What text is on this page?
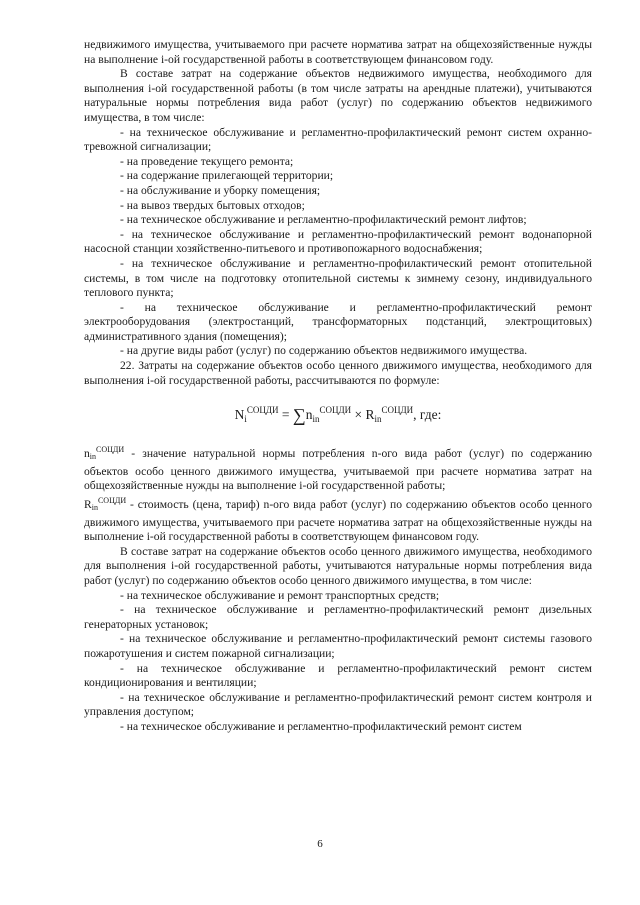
недвижимого имущества, учитываемого при расчете норматива затрат на общехозяйственные нужды на выполнение i-ой государственной работы в соответствующем финансовом году.

В составе затрат на содержание объектов недвижимого имущества, необходимого для выполнения i-ой государственной работы (в том числе затраты на арендные платежи), учитываются натуральные нормы потребления вида работ (услуг) по содержанию объектов недвижимого имущества, в том числе:

- на техническое обслуживание и регламентно-профилактический ремонт систем охранно-тревожной сигнализации;

- на проведение текущего ремонта;

- на содержание прилегающей территории;

- на обслуживание и уборку помещения;

- на вывоз твердых бытовых отходов;

- на техническое обслуживание и регламентно-профилактический ремонт лифтов;

- на техническое обслуживание и регламентно-профилактический ремонт водонапорной насосной станции хозяйственно-питьевого и противопожарного водоснабжения;

- на техническое обслуживание и регламентно-профилактический ремонт отопительной системы, в том числе на подготовку отопительной системы к зимнему сезону, индивидуального теплового пункта;

- на техническое обслуживание и регламентно-профилактический ремонт электрооборудования (электростанций, трансформаторных подстанций, электрощитовых) административного здания (помещения);

- на другие виды работ (услуг) по содержанию объектов недвижимого имущества.

22. Затраты на содержание объектов особо ценного движимого имущества, необходимого для выполнения i-ой государственной работы, рассчитываются по формуле:

$N_i^{СОЦДИ} = \sum n_{in}^{СОЦДИ} \times R_{in}^{СОЦДИ}$, где:

$n_{in}^{СОЦДИ}$ - значение натуральной нормы потребления n-ого вида работ (услуг) по содержанию объектов особо ценного движимого имущества, учитываемой при расчете норматива затрат на общехозяйственные нужды на выполнение i-ой государственной работы;

$R_{in}^{СОЦДИ}$ - стоимость (цена, тариф) n-ого вида работ (услуг) по содержанию объектов особо ценного движимого имущества, учитываемого при расчете норматива затрат на общехозяйственные нужды на выполнение i-ой государственной работы в соответствующем финансовом году.

В составе затрат на содержание объектов особо ценного движимого имущества, необходимого для выполнения i-ой государственной работы, учитываются натуральные нормы потребления вида работ (услуг) по содержанию объектов особо ценного движимого имущества, в том числе:

- на техническое обслуживание и ремонт транспортных средств;

- на техническое обслуживание и регламентно-профилактический ремонт дизельных генераторных установок;

- на техническое обслуживание и регламентно-профилактический ремонт системы газового пожаротушения и систем пожарной сигнализации;

- на техническое обслуживание и регламентно-профилактический ремонт систем кондиционирования и вентиляции;

- на техническое обслуживание и регламентно-профилактический ремонт систем контроля и управления доступом;

- на техническое обслуживание и регламентно-профилактический ремонт систем

6
